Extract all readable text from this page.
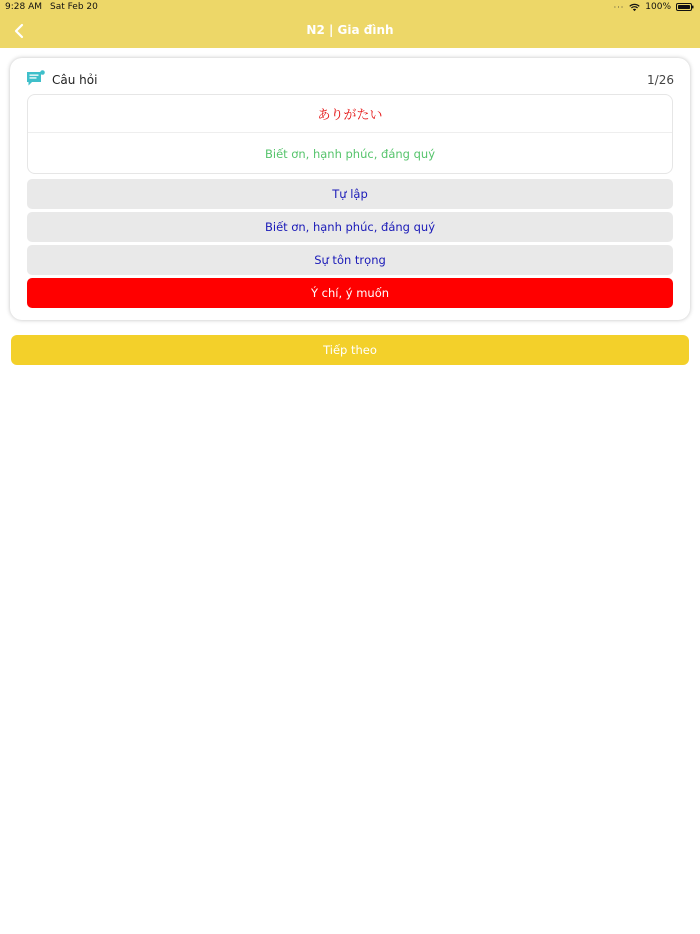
9:28 AM Sat Feb 20	··· 100%
N2 | Gia đình
Câu hỏi	1/26
ありがたい
Biết ơn, hạnh phúc, đáng quý
Tự lập
Biết ơn, hạnh phúc, đáng quý
Sự tôn trọng
Ý chí, ý muốn
Tiếp theo
